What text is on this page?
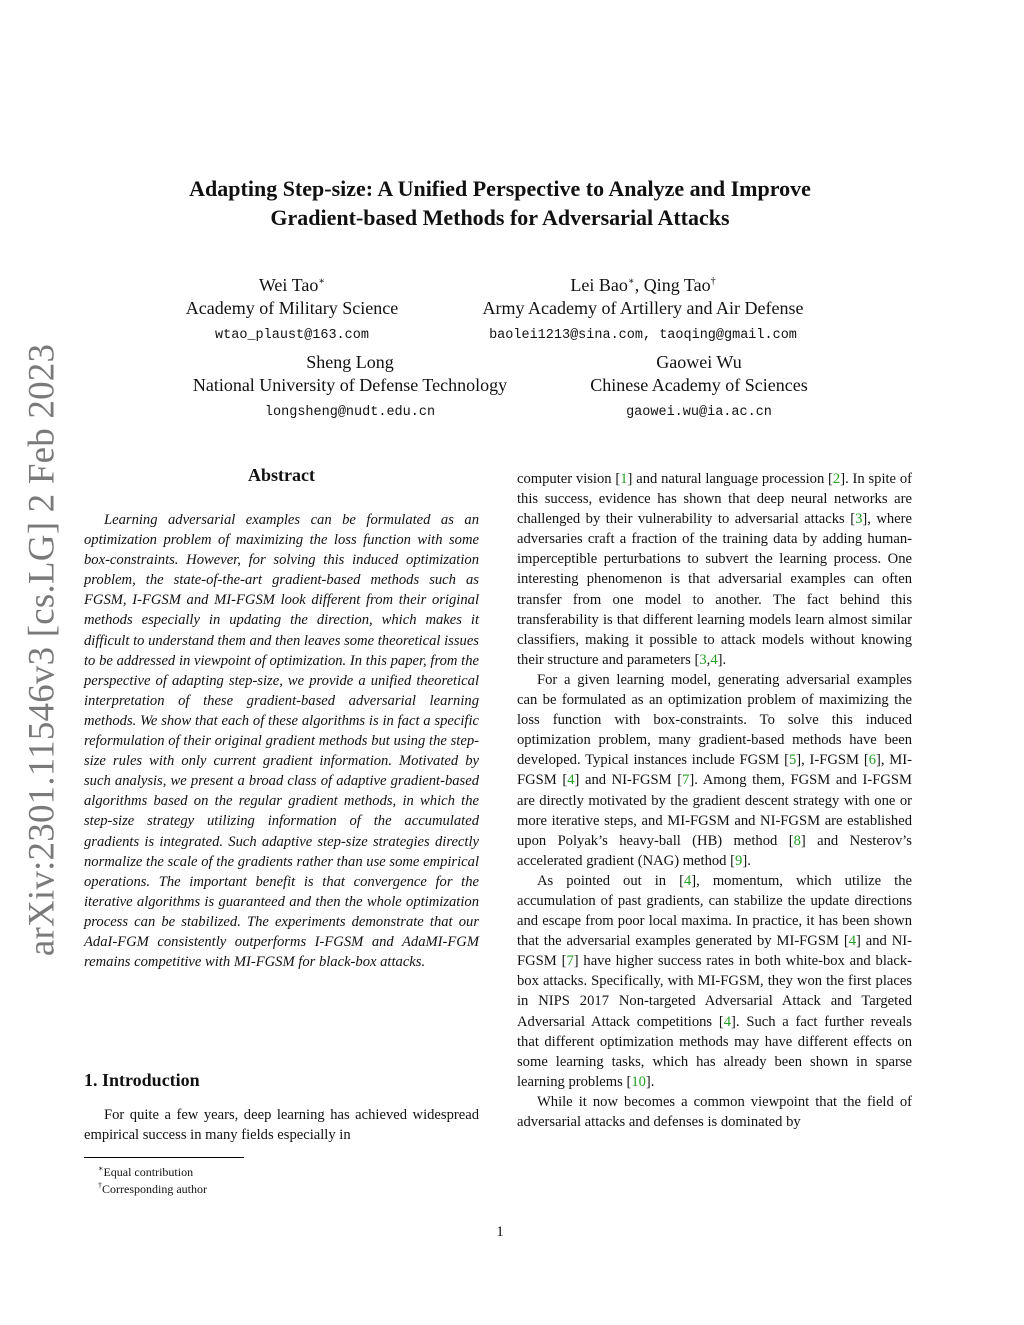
arXiv:2301.11546v3 [cs.LG] 2 Feb 2023
Adapting Step-size: A Unified Perspective to Analyze and Improve
Gradient-based Methods for Adversarial Attacks
Wei Tao∗
Academy of Military Science
wtao_plaust@163.com
Lei Bao∗, Qing Tao†
Army Academy of Artillery and Air Defense
baolei1213@sina.com, taoqing@gmail.com
Sheng Long
National University of Defense Technology
longsheng@nudt.edu.cn
Gaowei Wu
Chinese Academy of Sciences
gaowei.wu@ia.ac.cn
Abstract

Learning adversarial examples can be formulated as an optimization problem of maximizing the loss function with some box-constraints. However, for solving this induced optimization problem, the state-of-the-art gradient-based methods such as FGSM, I-FGSM and MI-FGSM look different from their original methods especially in updating the direction, which makes it difficult to understand them and then leaves some theoretical issues to be addressed in viewpoint of optimization. In this paper, from the perspective of adapting step-size, we provide a unified theoretical interpretation of these gradient-based adversarial learning methods. We show that each of these algorithms is in fact a specific reformulation of their original gradient methods but using the step-size rules with only current gradient information. Motivated by such analysis, we present a broad class of adaptive gradient-based algorithms based on the regular gradient methods, in which the step-size strategy utilizing information of the accumulated gradients is integrated. Such adaptive step-size strategies directly normalize the scale of the gradients rather than use some empirical operations. The important benefit is that convergence for the iterative algorithms is guaranteed and then the whole optimization process can be stabilized. The experiments demonstrate that our AdaI-FGM consistently outperforms I-FGSM and AdaMI-FGM remains competitive with MI-FGSM for black-box attacks.

1. Introduction

For quite a few years, deep learning has achieved widespread empirical success in many fields especially in

computer vision [1] and natural language procession [2]. In spite of this success, evidence has shown that deep neural networks are challenged by their vulnerability to adversarial attacks [3], where adversaries craft a fraction of the training data by adding human-imperceptible perturbations to subvert the learning process. One interesting phenomenon is that adversarial examples can often transfer from one model to another. The fact behind this transferability is that different learning models learn almost similar classifiers, making it possible to attack models without knowing their structure and parameters [3,4].

For a given learning model, generating adversarial examples can be formulated as an optimization problem of maximizing the loss function with box-constraints. To solve this induced optimization problem, many gradient-based methods have been developed. Typical instances include FGSM [5], I-FGSM [6], MI-FGSM [4] and NI-FGSM [7]. Among them, FGSM and I-FGSM are directly motivated by the gradient descent strategy with one or more iterative steps, and MI-FGSM and NI-FGSM are established upon Polyak’s heavy-ball (HB) method [8] and Nesterov’s accelerated gradient (NAG) method [9].

As pointed out in [4], momentum, which utilize the accumulation of past gradients, can stabilize the update directions and escape from poor local maxima. In practice, it has been shown that the adversarial examples generated by MI-FGSM [4] and NI-FGSM [7] have higher success rates in both white-box and black-box attacks. Specifically, with MI-FGSM, they won the first places in NIPS 2017 Non-targeted Adversarial Attack and Targeted Adversarial Attack competitions [4]. Such a fact further reveals that different optimization methods may have different effects on some learning tasks, which has already been shown in sparse learning problems [10].

While it now becomes a common viewpoint that the field of adversarial attacks and defenses is dominated by

∗Equal contribution
†Corresponding author
1
